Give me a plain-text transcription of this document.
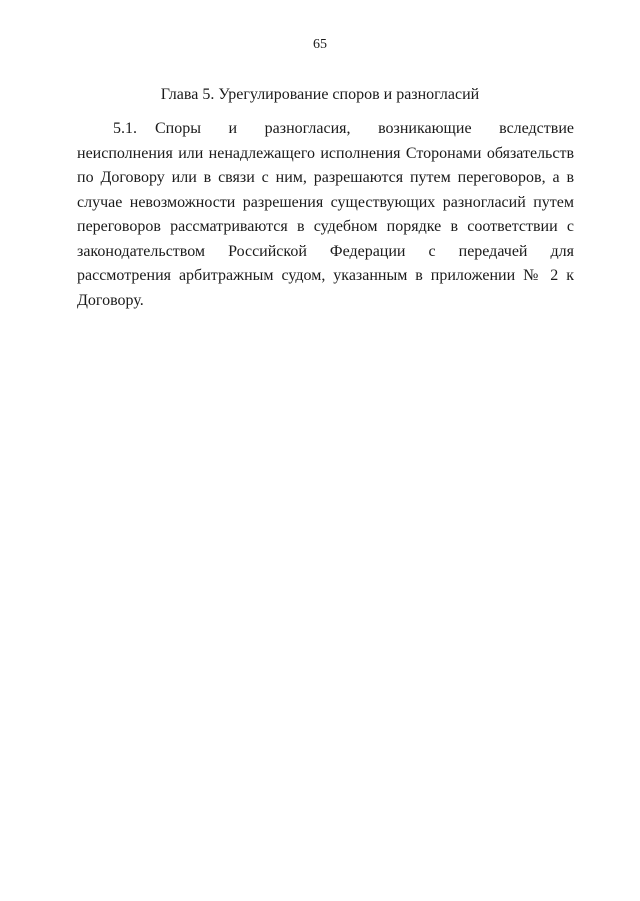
65
Глава 5. Урегулирование споров и разногласий

5.1. Споры и разногласия, возникающие вследствие неисполнения или ненадлежащего исполнения Сторонами обязательств по Договору или в связи с ним, разрешаются путем переговоров, а в случае невозможности разрешения существующих разногласий путем переговоров рассматриваются в судебном порядке в соответствии с законодательством Российской Федерации с передачей для рассмотрения арбитражным судом, указанным в приложении № 2 к Договору.
